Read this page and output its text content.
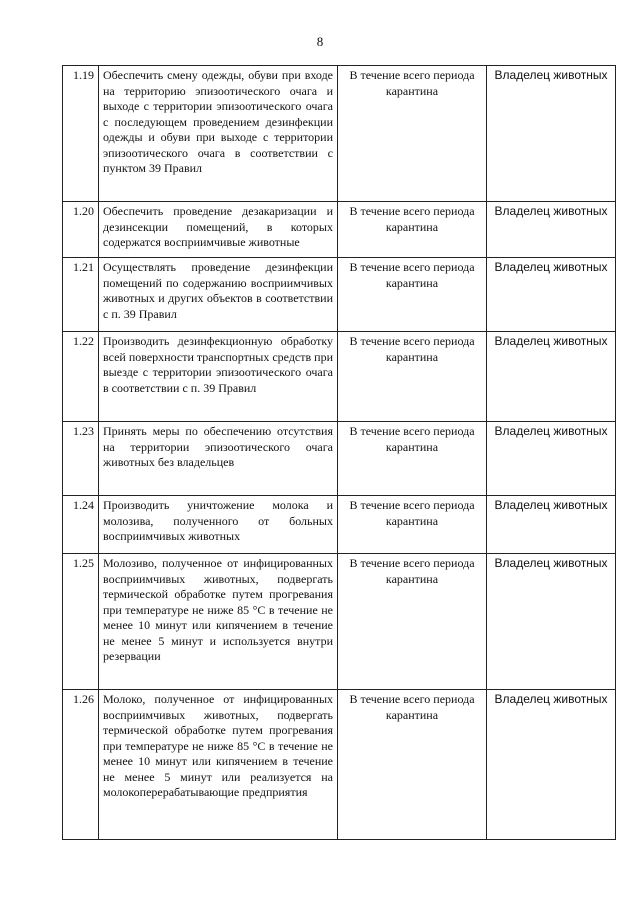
8
1.19	Обеспечить смену одежды, обуви при входе на территорию эпизоотического очага и выходе с территории эпизоотического очага с последующем проведением дезинфекции одежды и обуви при выходе с территории эпизоотического очага в соответствии с пунктом 39 Правил	В течение всего периода карантина	Владелец животных
1.20	Обеспечить проведение дезакаризации и дезинсекции помещений, в которых содержатся восприимчивые животные	В течение всего периода карантина	Владелец животных
1.21	Осуществлять проведение дезинфекции помещений по содержанию восприимчивых животных и других объектов в соответствии с п. 39 Правил	В течение всего периода карантина	Владелец животных
1.22	Производить дезинфекционную обработку всей поверхности транспортных средств при выезде с территории эпизоотического очага в соответствии с п. 39 Правил	В течение всего периода карантина	Владелец животных
1.23	Принять меры по обеспечению отсутствия на территории эпизоотического очага животных без владельцев	В течение всего периода карантина	Владелец животных
1.24	Производить уничтожение молока и молозива, полученного от больных восприимчивых животных	В течение всего периода карантина	Владелец животных
1.25	Молозиво, полученное от инфицированных восприимчивых животных, подвергать термической обработке путем прогревания при температуре не ниже 85 °С в течение не менее 10 минут или кипячением в течение не менее 5 минут и используется внутри резервации	В течение всего периода карантина	Владелец животных
1.26	Молоко, полученное от инфицированных восприимчивых животных, подвергать термической обработке путем прогревания при температуре не ниже 85 °С в течение не менее 10 минут или кипячением в течение не менее 5 минут или реализуется на молокоперерабатывающие предприятия	В течение всего периода карантина	Владелец животных
